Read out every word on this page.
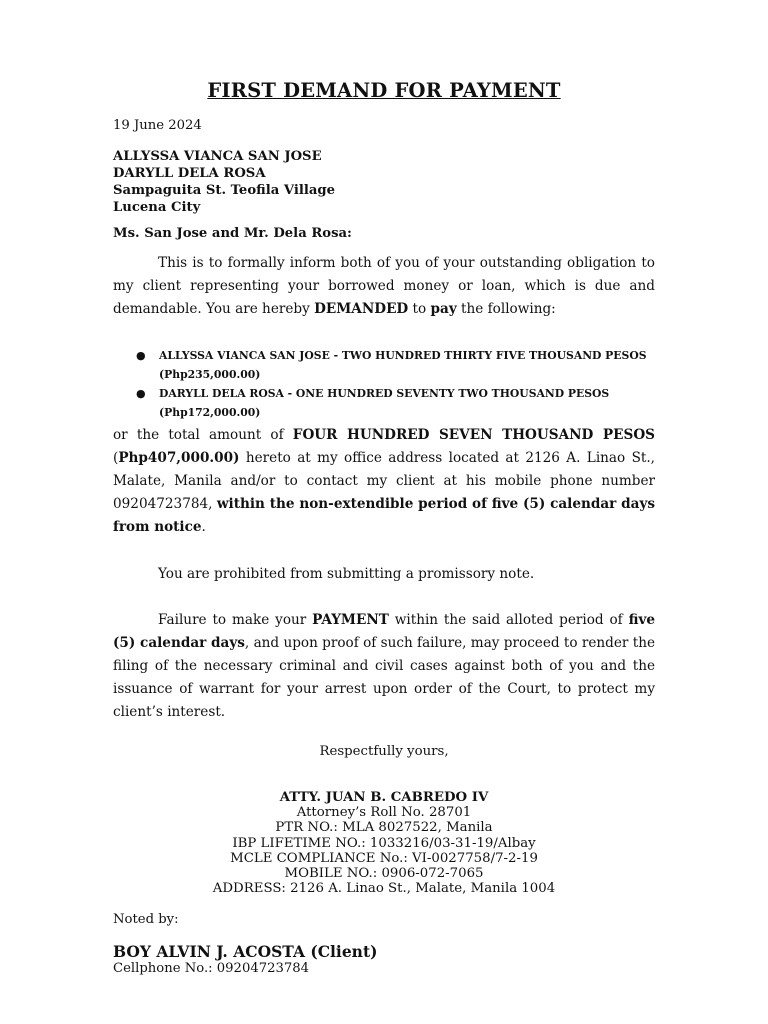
FIRST DEMAND FOR PAYMENT
19 June 2024
ALLYSSA VIANCA SAN JOSE
DARYLL DELA ROSA
Sampaguita St. Teofila Village
Lucena City
Ms. San Jose and Mr. Dela Rosa:
This is to formally inform both of you of your outstanding obligation to my client representing your borrowed money or loan, which is due and demandable. You are hereby DEMANDED to pay the following:
● ALLYSSA VIANCA SAN JOSE - TWO HUNDRED THIRTY FIVE THOUSAND PESOS (Php235,000.00)
● DARYLL DELA ROSA - ONE HUNDRED SEVENTY TWO THOUSAND PESOS (Php172,000.00)
or the total amount of FOUR HUNDRED SEVEN THOUSAND PESOS (Php407,000.00) hereto at my office address located at 2126 A. Linao St., Malate, Manila and/or to contact my client at his mobile phone number 09204723784, within the non-extendible period of five (5) calendar days from notice.
You are prohibited from submitting a promissory note.
Failure to make your PAYMENT within the said alloted period of five (5) calendar days, and upon proof of such failure, may proceed to render the filing of the necessary criminal and civil cases against both of you and the issuance of warrant for your arrest upon order of the Court, to protect my client’s interest.
Respectfully yours,
ATTY. JUAN B. CABREDO IV
Attorney’s Roll No. 28701
PTR NO.: MLA 8027522, Manila
IBP LIFETIME NO.: 1033216/03-31-19/Albay
MCLE COMPLIANCE No.: VI-0027758/7-2-19
MOBILE NO.: 0906-072-7065
ADDRESS: 2126 A. Linao St., Malate, Manila 1004
Noted by:
BOY ALVIN J. ACOSTA (Client)
Cellphone No.: 09204723784
